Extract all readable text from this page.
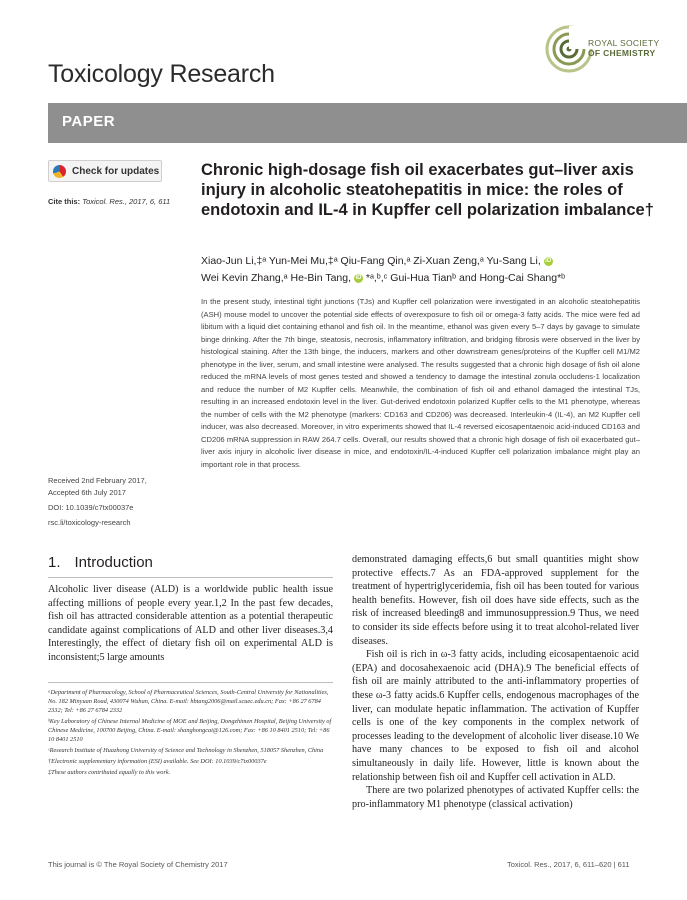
Toxicology Research
ROYAL SOCIETY
OF CHEMISTRY
PAPER
Check for updates
Cite this: Toxicol. Res., 2017, 6, 611
Received 2nd February 2017,
Accepted 6th July 2017
DOI: 10.1039/c7tx00037e
rsc.li/toxicology-research
Chronic high-dosage fish oil exacerbates gut–liver axis injury in alcoholic steatohepatitis in mice: the roles of endotoxin and IL-4 in Kupffer cell polarization imbalance†
Xiao-Jun Li,‡ᵃ Yun-Mei Mu,‡ᵃ Qiu-Fang Qin,ᵃ Zi-Xuan Zeng,ᵃ Yu-Sang Li, iD
Wei Kevin Zhang,ᵃ He-Bin Tang, iD *ᵃ,ᵇ,ᶜ Gui-Hua Tianᵇ and Hong-Cai Shang*ᵇ

In the present study, intestinal tight junctions (TJs) and Kupffer cell polarization were investigated in an alcoholic steatohepatitis (ASH) mouse model to uncover the potential side effects of overexposure to fish oil or omega-3 fatty acids. The mice were fed ad libitum with a liquid diet containing ethanol and fish oil. In the meantime, ethanol was given every 5–7 days by gavage to simulate binge drinking. After the 7th binge, steatosis, necrosis, inflammatory infiltration, and bridging fibrosis were observed in the liver by histological staining. After the 13th binge, the inducers, markers and other downstream genes/proteins of the Kupffer cell M1/M2 phenotype in the liver, serum, and small intestine were analysed. The results suggested that a chronic high dosage of fish oil alone reduced the mRNA levels of most genes tested and showed a tendency to damage the intestinal zonula occludens-1 localization and reduce the number of M2 Kupffer cells. Meanwhile, the combination of fish oil and ethanol damaged the intestinal TJs, resulting in an increased endotoxin level in the liver. Gut-derived endotoxin polarized Kupffer cells to the M1 phenotype, whereas the number of cells with the M2 phenotype (markers: CD163 and CD206) was decreased. Interleukin-4 (IL-4), an M2 Kupffer cell inducer, was also decreased. Moreover, in vitro experiments showed that IL-4 reversed eicosapentaenoic acid-induced CD163 and CD206 mRNA suppression in RAW 264.7 cells. Overall, our results showed that a chronic high dosage of fish oil exacerbated gut–liver axis injury in alcoholic liver disease in mice, and endotoxin/IL-4-induced Kupffer cell polarization imbalance might play an important role in that process.

1. Introduction

Alcoholic liver disease (ALD) is a worldwide public health issue affecting millions of people every year.1,2 In the past few decades, fish oil has attracted considerable attention as a potential therapeutic candidate against complications of ALD and other liver diseases.3,4 Interestingly, the effect of dietary fish oil on experimental ALD is inconsistent;5 large amounts

ᵃDepartment of Pharmacology, School of Pharmaceutical Sciences, South-Central University for Nationalities, No. 182 Minyuan Road, 430074 Wuhan, China. E-mail: hbtang2006@mail.scuec.edu.cn; Fax: +86 27 6784 2332; Tel: +86 27 6784 2332

ᵇKey Laboratory of Chinese Internal Medicine of MOE and Beijing, Dongzhimen Hospital, Beijing University of Chinese Medicine, 100700 Beijing, China. E-mail: shanghongcai@126.com; Fax: +86 10 8401 2510; Tel: +86 10 8401 2510

ᶜResearch Institute of Huazhong University of Science and Technology in Shenzhen, 518057 Shenzhen, China

†Electronic supplementary information (ESI) available. See DOI: 10.1039/c7tx00037e

‡These authors contributed equally to this work.

demonstrated damaging effects,6 but small quantities might show protective effects.7 As an FDA-approved supplement for the treatment of hypertriglyceridemia, fish oil has been touted for various health benefits. However, fish oil does have side effects, such as the risk of increased bleeding8 and immunosuppression.9 Thus, we need to consider its side effects before using it to treat alcohol-related liver diseases.

Fish oil is rich in ω-3 fatty acids, including eicosapentaenoic acid (EPA) and docosahexaenoic acid (DHA).9 The beneficial effects of fish oil are mainly attributed to the anti-inflammatory properties of these ω-3 fatty acids.6 Kupffer cells, endogenous macrophages of the liver, can modulate hepatic inflammation. The activation of Kupffer cells is one of the key components in the complex network of processes leading to the development of alcoholic liver disease.10 We have many chances to be exposed to fish oil and alcohol simultaneously in daily life. However, little is known about the relationship between fish oil and Kupffer cell activation in ALD.

There are two polarized phenotypes of activated Kupffer cells: the pro-inflammatory M1 phenotype (classical activation)

This journal is © The Royal Society of Chemistry 2017	Toxicol. Res., 2017, 6, 611–620 | 611
